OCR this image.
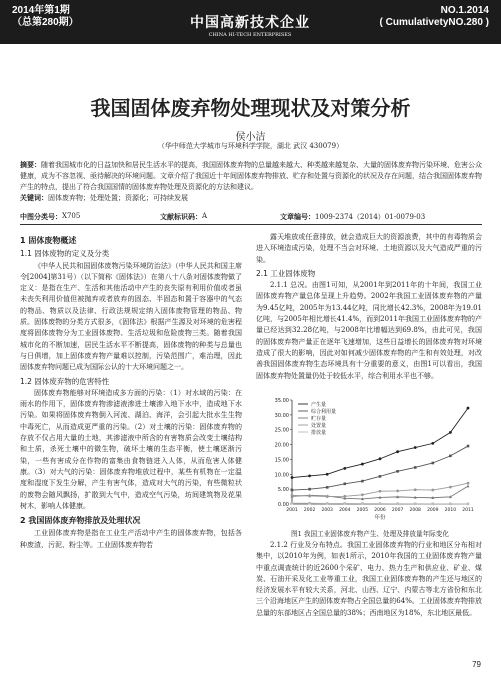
2014年第1期
（总第280期）	中国高新技术企业
CHINA HI-TECH ENTERPRISES
NO.1.2014
( CumulativetyNO.280 )
我国固体废弃物处理现状及对策分析
侯小洁
（华中师范大学城市与环境科学学院，湖北 武汉 430079）
摘要：随着我国城市化的日益加快和居民生活水平的提高，我国固体废弃物的总量越来越大、种类越来越复杂、大量的固体废弃物污染环境、危害公众健康，成为不容忽视、亟待解决的环境问题。文章介绍了我国近十年间固体废弃物排放、贮存和处置与资源化的状况及存在问题，结合我国固体废弃物产生的特点，提出了符合我国国情的固体废弃物处理及资源化的方法和建议。
关键词：固体废弃物；处理处置；资源化；可持续发展
中图分类号： X705	文献标识码： A	文章编号： 1009-2374（2014）01-0079-03
1 固体废物概述
1.1 固体废物的定义及分类

《中华人民共和国固体废物污染环境防治法》（中华人民共和国主席令[2004]第31号）（以下简称《固体法》）在第八十八条对固体废物做了定义：是指在生产、生活和其他活动中产生的丧失原有利用价值或者虽未丧失利用价值但被抛弃或者放弃的固态、半固态和置于容器中的气态的物品、物质以及法律、行政法规规定纳入固体废物管理的物品、物质。固体废物的分类方式很多，《固体法》根据产生源及对环境的危害程度将固体废物分为工业固体废物、生活垃圾和危险废物三类。随着我国城市化的不断加速，居民生活水平不断提高，固体废物的种类与总量也与日俱增，加上固体废弃物产量难以控制，污染范围广，难治理，因此固体废弃物问题已成为国际公认的十大环境问题之一。

1.2 固体废弃物的危害特性

固体废弃物能够对环境造成多方面的污染：（1）对水域的污染：在雨水的作用下，固体废弃物渗滤液渗进土壤渗入地下水中，造成地下水污染。如果将固体废弃物倒入河流、湖泊、海洋，会引起大批水生生物中毒死亡，从而造成更严重的污染。（2）对土壤的污染：固体废弃物的存放不仅占用大量的土地，其渗滤液中所含的有害物质会改变土壤结构和土质，杀死土壤中的微生物，破坏土壤的生态平衡，使土壤逐渐污染，一些有害成分在作物的富集由食物链进入人体，从而危害人体健康。（3）对大气的污染：固体废弃物堆放过程中，某些有机物在一定温度和湿度下发生分解，产生有害气体，造成对大气的污染，有些微粒状的废物会随风飘扬，扩散到大气中，造成空气污染，坊间建筑物及花果树木，影响人体健康。

2 我国固体废弃物排放及处理状况

工业固体废弃物是指在工业生产活动中产生的固体废弃物，包括各种废渣、污泥、粉尘等。工业固体废弃物若

露天堆放或任意排放，就会造成巨大的资源浪费，其中的有毒物质会进入环境造成污染，处理不当会对环境、土地资源以及大气造成严重的污染。

2.1 工业固体废物

2.1.1 总况。由图1可知，从2001年到2011年的十年间，我国工业固体废弃物产量总体呈现上升趋势。2002年我国工业固体废弃物的产量为9.45亿吨，2005年为13.44亿吨，同比增长42.3%，2008年为19.01亿吨，与2005年相比增长41.4%，而到2011年我国工业固体废弃物的产量已经达到32.28亿吨，与2008年比增幅达到69.8%，由此可见，我国的固体废弃物产量正在逐年飞速增加，这些日益增长的固体废弃物对环境造成了很大的影响，因此对如何减少固体废弃物的产生和有效处理，对改善我国固体废弃物生态环境具有十分重要的意义，由图1可以看出，我国固体废弃物处置量仍处于较低水平，综合利用水平也不够。

0.00
5.00
10.00
15.00
20.00
25.00
30.00
35.00
2001 2002 2003 2004 2005 2006 2007 2008 2009 2010 2011
年份
产生量
综合利用量
贮存量
处置量
排放量
图1 我国工业固体废弃物产生、处理及排放量年际变化

2.1.2 行业及分布特点。我国工业固体废弃物的行业和地区分布相对集中，以2010年为例，如表1所示，2010年我国的工业固体废弃物产量中重点调查统计的近2600个采矿、电力、热力生产和供应业、矿业、煤炭、石油开采及化工业等重工业，我国工业固体废弃物的产生还与地区的经济发展水平有较大关系，河北、山西、辽宁、内蒙古等北方省份和东北三个沿海地区产生的固体废弃物占全国总量的64%。工业固体废弃物排放总量的东部地区占全国总量的38%；西南地区为18%，东北地区最低。

79
